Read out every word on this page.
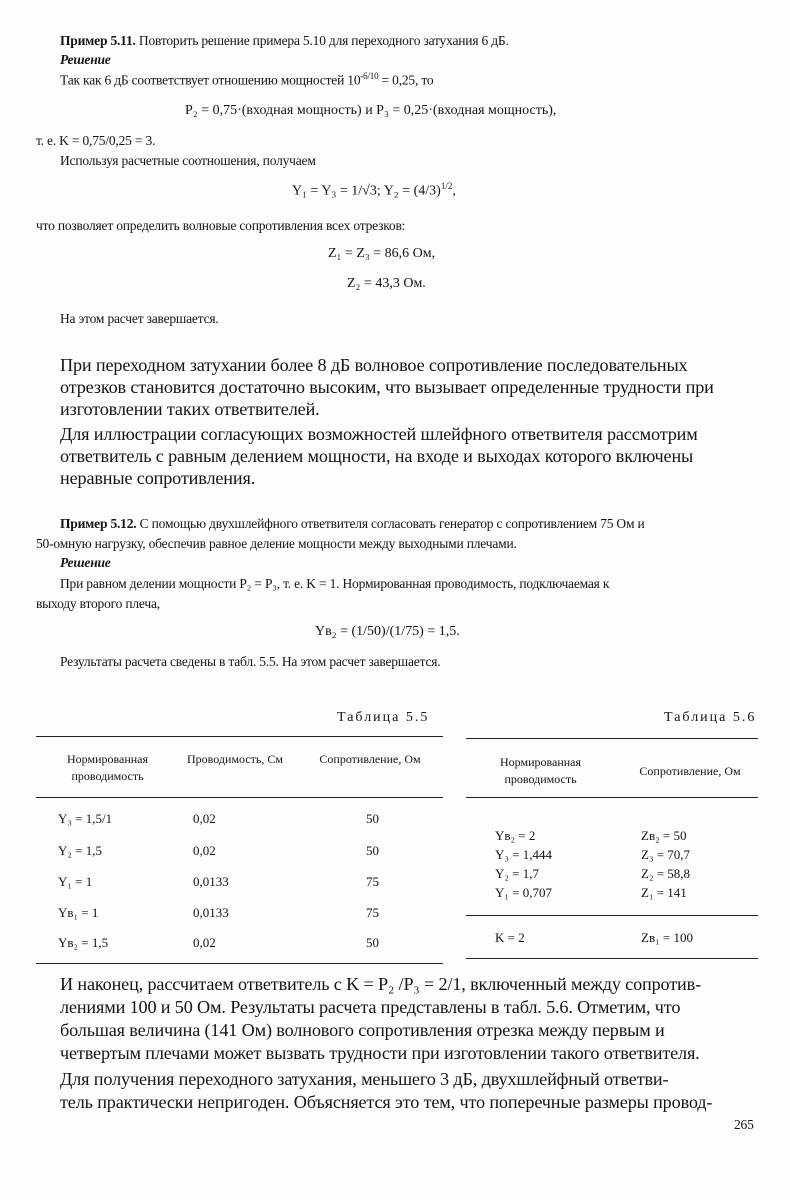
Пример 5.11. Повторить решение примера 5.10 для переходного затухания 6 дБ.
Решение
Так как 6 дБ соответствует отношению мощностей $10^{-6/10} = 0,25$, то
P₂ = 0,75·(входная мощность) и P₃ = 0,25·(входная мощность),
т. е. K = 0,75/0,25 = 3.
Используя расчетные соотношения, получаем
Y₁ = Y₃ = 1/√3; $Y_2 = (4/3)^{1/2}$,
что позволяет определить волновые сопротивления всех отрезков:
Z₁ = Z₃ = 86,6 Ом,
Z₂ = 43,3 Ом.
На этом расчет завершается.
При переходном затухании более 8 дБ волновое сопротивление последовательных
отрезков становится достаточно высоким, что вызывает определенные трудности при
изготовлении таких ответвителей.
Для иллюстрации согласующих возможностей шлейфного ответвителя рассмотрим
ответвитель с равным делением мощности, на входе и выходах которого включены
неравные сопротивления.
Пример 5.12. С помощью двухшлейфного ответвителя согласовать генератор с сопротивлением 75 Ом и
50-омную нагрузку, обеспечив равное деление мощности между выходными плечами.
Решение
При равном делении мощности P₂ = P₃, т. е. K = 1. Нормированная проводимость, подключаемая к
выходу второго плеча,
Yв₂ = (1/50)/(1/75) = 1,5.
Результаты расчета сведены в табл. 5.5. На этом расчет завершается.
Таблица 5.5
Нормированная проводимость
Проводимость, См	Сопротивление, Ом
Y₃ = 1,5/1	0,02	50
Y₂ = 1,5	0,02	50
Y₁ = 1	0,0133	75
Yв₁ = 1	0,0133	75
Yв₂ = 1,5	0,02	50
Таблица 5.6
Нормированная проводимость
Сопротивление, Ом
Yв₂ = 2	Zв₂ = 50
Y₃ = 1,444	Z₃ = 70,7
Y₂ = 1,7	Z₂ = 58,8
Y₁ = 0,707	Z₁ = 141
K = 2	Zв₁ = 100
И наконец, рассчитаем ответвитель с K = P₂ /P₃ = 2/1, включенный между сопротив-
лениями 100 и 50 Ом. Результаты расчета представлены в табл. 5.6. Отметим, что
большая величина (141 Ом) волнового сопротивления отрезка между первым и
четвертым плечами может вызвать трудности при изготовлении такого ответвителя.
Для получения переходного затухания, меньшего 3 дБ, двухшлейфный ответви-
тель практически непригоден. Объясняется это тем, что поперечные размеры провод-
265
